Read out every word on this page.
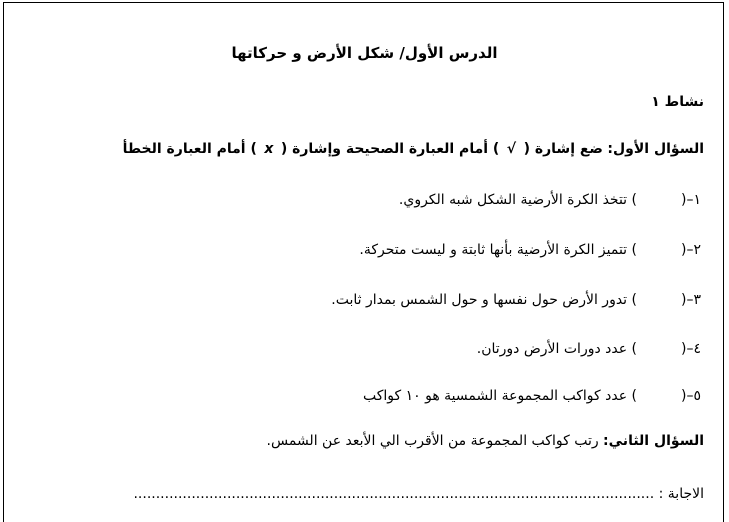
الدرس الأول/ شكل الأرض و حركاتها
نشاط ١
السؤال الأول: ضع إشارة ( √ ) أمام العبارة الصحيحة وإشارة ( x ) أمام العبارة الخطأ
١–() تتخذ الكرة الأرضية الشكل شبه الكروي.
٢–() تتميز الكرة الأرضية بأنها ثابتة و ليست متحركة.
٣–() تدور الأرض حول نفسها و حول الشمس بمدار ثابت.
٤–() عدد دورات الأرض دورتان.
٥–() عدد كواكب المجموعة الشمسية هو ١٠ كواكب
السؤال الثاني: رتب كواكب المجموعة من الأقرب الي الأبعد عن الشمس.
الاجابة : .....................................................................................................................
